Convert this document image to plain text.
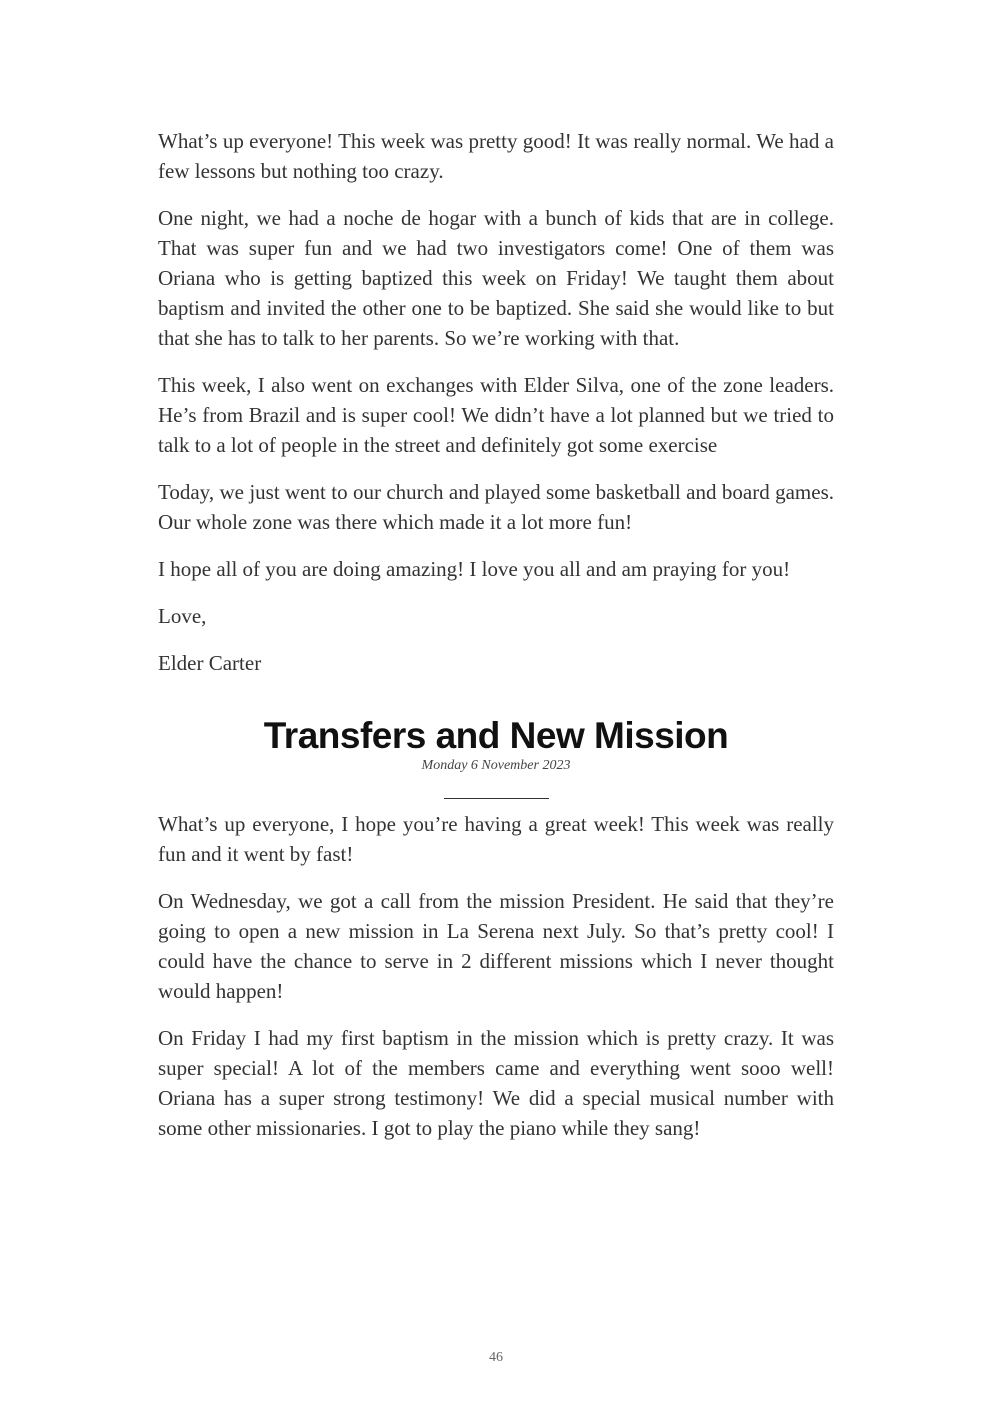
What’s up everyone! This week was pretty good! It was really normal. We had a few lessons but nothing too crazy.

One night, we had a noche de hogar with a bunch of kids that are in college. That was super fun and we had two investigators come! One of them was Oriana who is getting baptized this week on Friday! We taught them about baptism and invited the other one to be baptized. She said she would like to but that she has to talk to her parents. So we’re working with that.

This week, I also went on exchanges with Elder Silva, one of the zone leaders. He’s from Brazil and is super cool! We didn’t have a lot planned but we tried to talk to a lot of people in the street and definitely got some exercise

Today, we just went to our church and played some basketball and board games. Our whole zone was there which made it a lot more fun!

I hope all of you are doing amazing! I love you all and am praying for you!

Love,

Elder Carter

Transfers and New Mission
Monday 6 November 2023

What’s up everyone, I hope you’re having a great week! This week was really fun and it went by fast!

On Wednesday, we got a call from the mission President. He said that they’re going to open a new mission in La Serena next July. So that’s pretty cool! I could have the chance to serve in 2 different missions which I never thought would happen!

On Friday I had my first baptism in the mission which is pretty crazy. It was super special! A lot of the members came and everything went sooo well! Oriana has a super strong testimony! We did a special musical number with some other missionaries. I got to play the piano while they sang!

46
